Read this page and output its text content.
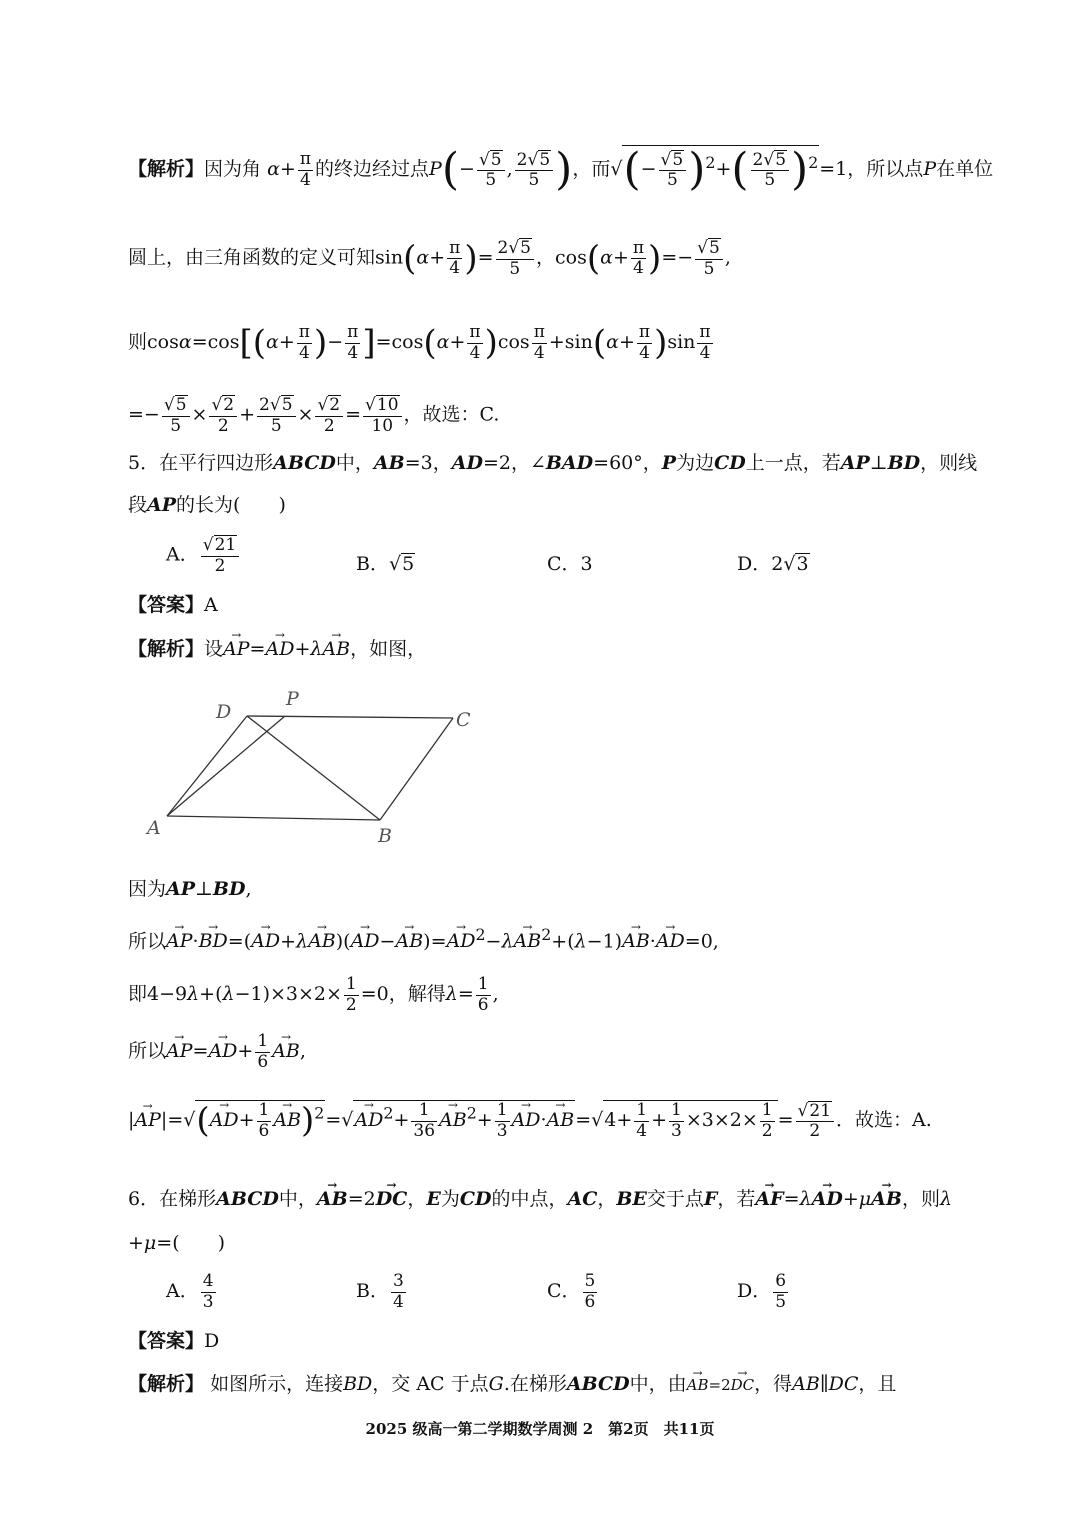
【解析】因为角 $\alpha+ \frac{\pi}{4}$ 的终边经过点$P(- \frac{√5}{5}$ , $\frac{2√5}{5}$ )，而√(− $\frac{√5}{5} )^2+( \frac{2√5}{5} )^2=1$，所以点P在单位
圆上，由三角函数的定义可知$\sin(\alpha+ \frac{\pi}{4}$ )= $\frac{2√5}{5}$ ，$\cos(\alpha+ \frac{\pi}{4}$ )=− $\frac{√5}{5}$ ,
则$\cos\alpha=\cos[(\alpha+ \frac{\pi}{4}$ )− $\frac{\pi}{4} ]=\cos(\alpha+ \frac{\pi}{4} )\cos \frac{\pi}{4} +\sin(\alpha+ \frac{\pi}{4} )\sin \frac{\pi}{4}$
=− $\frac{√5}{5} \times \frac{√2}{2} + \frac{2√5}{5} \times \frac{√2}{2} = \frac{√10}{10}$ ，故选：C.
5．在平行四边形ABCD中，AB=3，AD=2，∠BAD=60°，P为边CD上一点，若AP⊥BD，则线
段AP的长为(　　)
A． $\frac{√21}{2}$	B．√5	C．3	D．2√3
【答案】A
【解析】设→ AP=→ AD+λ→ AB，如图，
D
P
C
A	B
因为AP⊥BD,
所以→ $AP\cdot\to BD=(\to AD+\lambda\to AB)(\to AD-\to AB)=\to AD^2-\lambda\to AB^2+(\lambda-1)\to AB\cdot\to AD=0$,
即$4-9\lambda+(\lambda-1)\times 3\times 2\times \frac{1}{2} =0$，解得$\lambda= \frac{1}{6}$ ,
所以→ $AP=\to AD+ \frac{1}{6}$
→ AB,
|→ $AP|=√(\to AD+ \frac{1}{6}$
→ $AB)^2=√\to AD^2+ \frac{1}{36}$
→ $AB^2+ \frac{1}{3}$
→ $AD\cdot\to AB=√4+ \frac{1}{4} + \frac{1}{3} \times 3\times 2\times \frac{1}{2} = \frac{√21}{2}$ ．故选：A.
6．在梯形ABCD中，→ AB=2→ DC，E为CD的中点，AC，BE交于点F，若→ AF=λ→ AD+μ→ AB，则λ
+μ=(　　)
A． $\frac{4}{3}$	B． $\frac{3}{4}$	C． $\frac{5}{6}$	D． $\frac{6}{5}$
【答案】D
【解析】 如图所示，连接BD，交 AC 于点G.在梯形ABCD中，由→ AB=2→ DC，得AB∥DC，且
2025 级高一第二学期数学周测 2　第2页　共11页
